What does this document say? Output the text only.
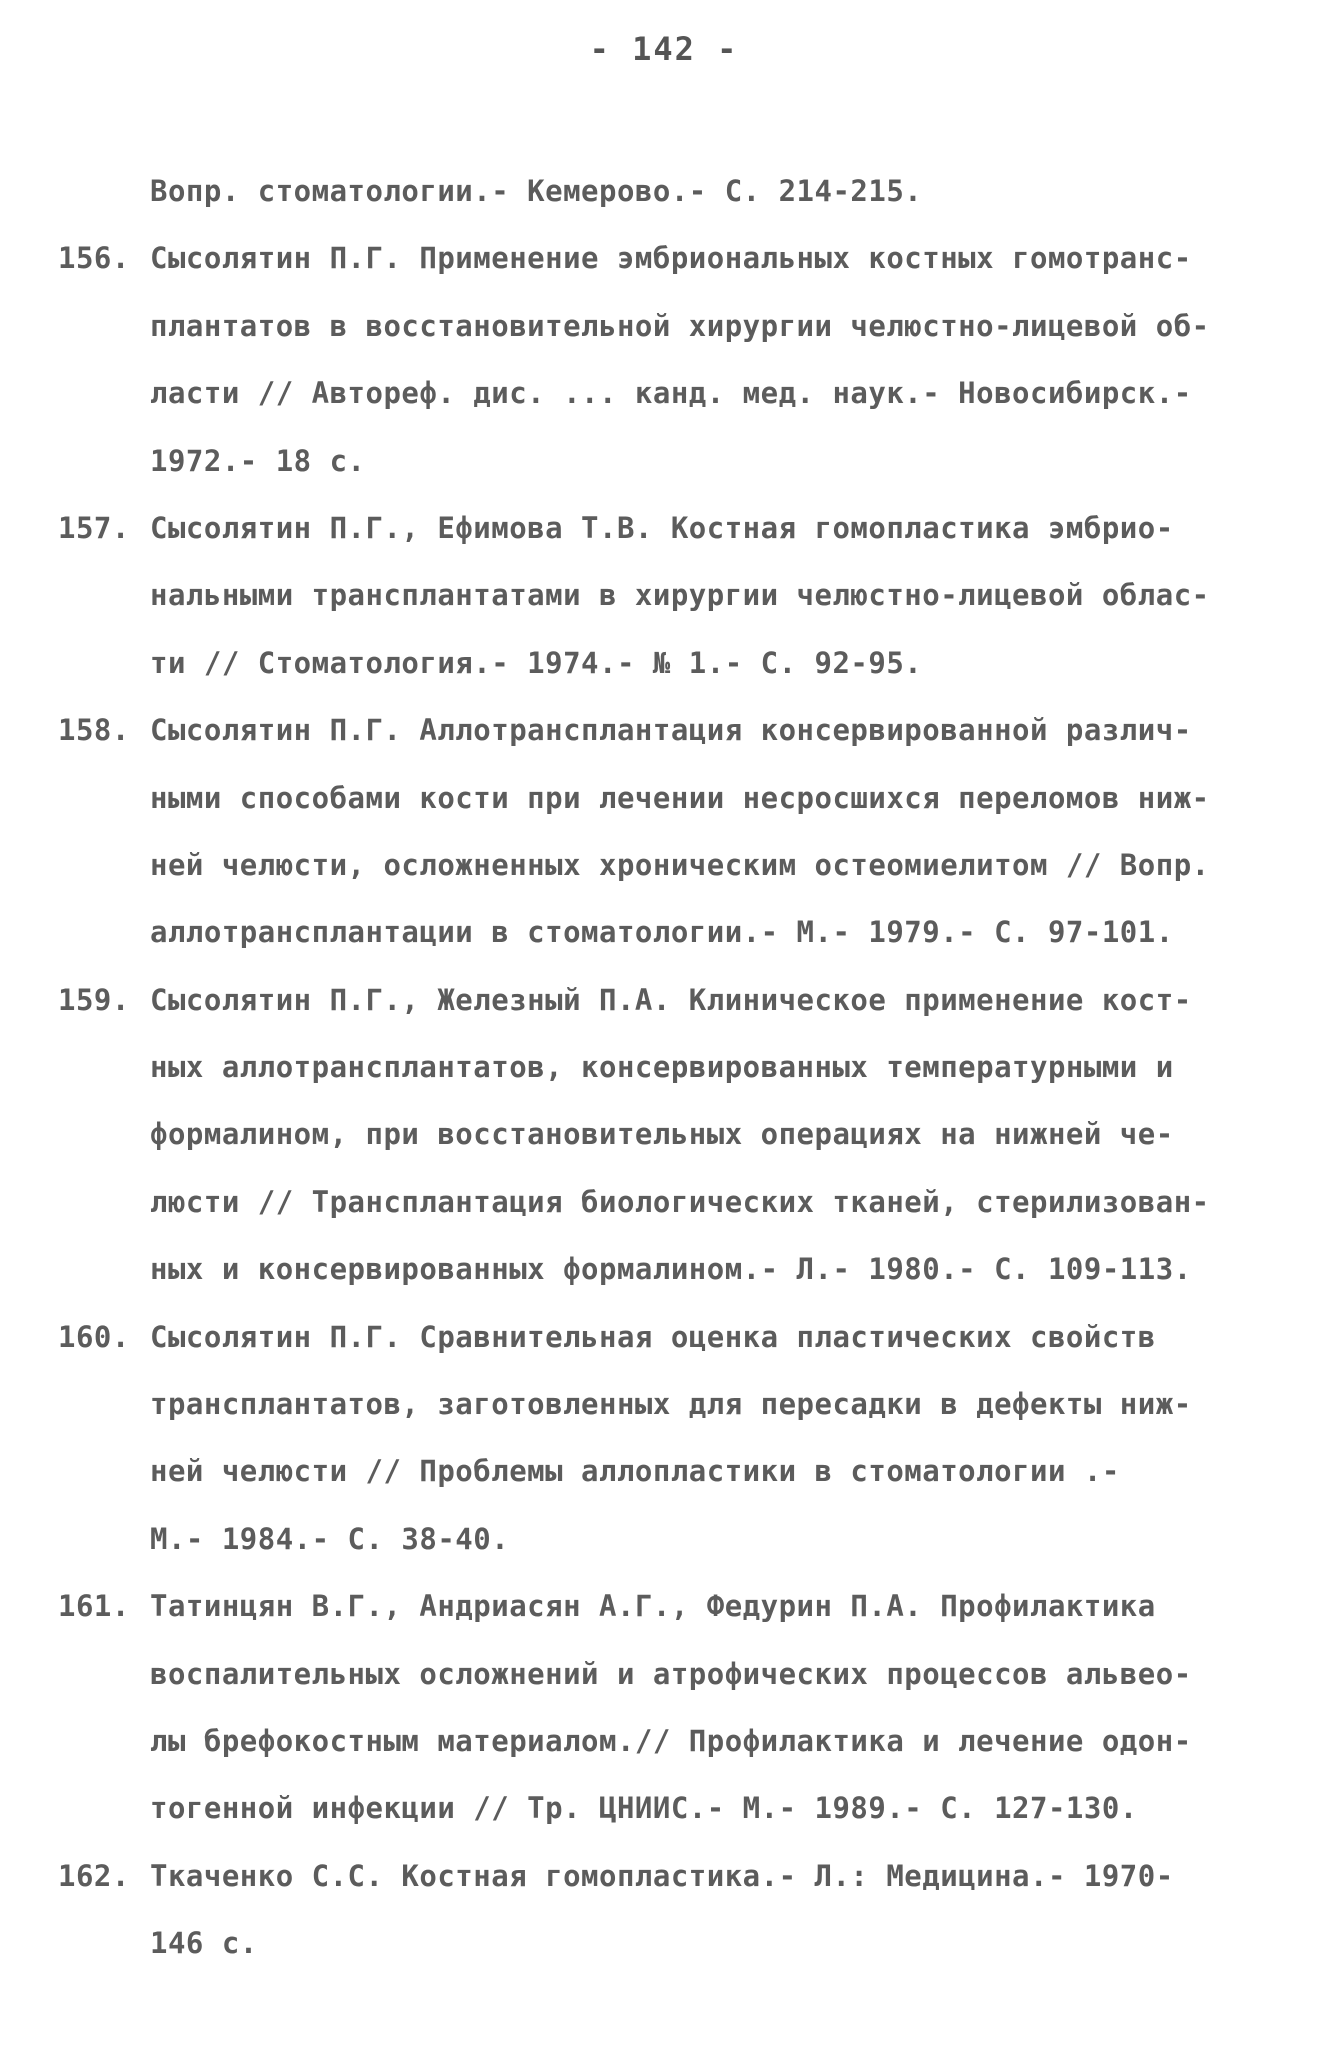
- 142 -
Вопр. стоматологии.- Кемерово.- С. 214-215.
156. Сысолятин П.Г. Применение эмбриональных костных гомотранс-
плантатов в восстановительной хирургии челюстно-лицевой об-
ласти // Автореф. дис. ... канд. мед. наук.- Новосибирск.-
1972.- 18 с.
157. Сысолятин П.Г., Ефимова Т.В. Костная гомопластика эмбрио-
нальными трансплантатами в хирургии челюстно-лицевой облас-
ти // Стоматология.- 1974.- № 1.- С. 92-95.
158. Сысолятин П.Г. Аллотрансплантация консервированной различ-
ными способами кости при лечении несросшихся переломов ниж-
ней челюсти, осложненных хроническим остеомиелитом // Вопр.
аллотрансплантации в стоматологии.- М.- 1979.- С. 97-101.
159. Сысолятин П.Г., Железный П.А. Клиническое применение кост-
ных аллотрансплантатов, консервированных температурными и
формалином, при восстановительных операциях на нижней че-
люсти // Трансплантация биологических тканей, стерилизован-
ных и консервированных формалином.- Л.- 1980.- С. 109-113.
160. Сысолятин П.Г. Сравнительная оценка пластических свойств
трансплантатов, заготовленных для пересадки в дефекты ниж-
ней челюсти // Проблемы аллопластики в стоматологии .-
М.- 1984.- С. 38-40.
161. Татинцян В.Г., Андриасян А.Г., Федурин П.А. Профилактика
воспалительных осложнений и атрофических процессов альвео-
лы брефокостным материалом.// Профилактика и лечение одон-
тогенной инфекции // Тр. ЦНИИС.- М.- 1989.- С. 127-130.
162. Ткаченко С.С. Костная гомопластика.- Л.: Медицина.- 1970-
146 с.
